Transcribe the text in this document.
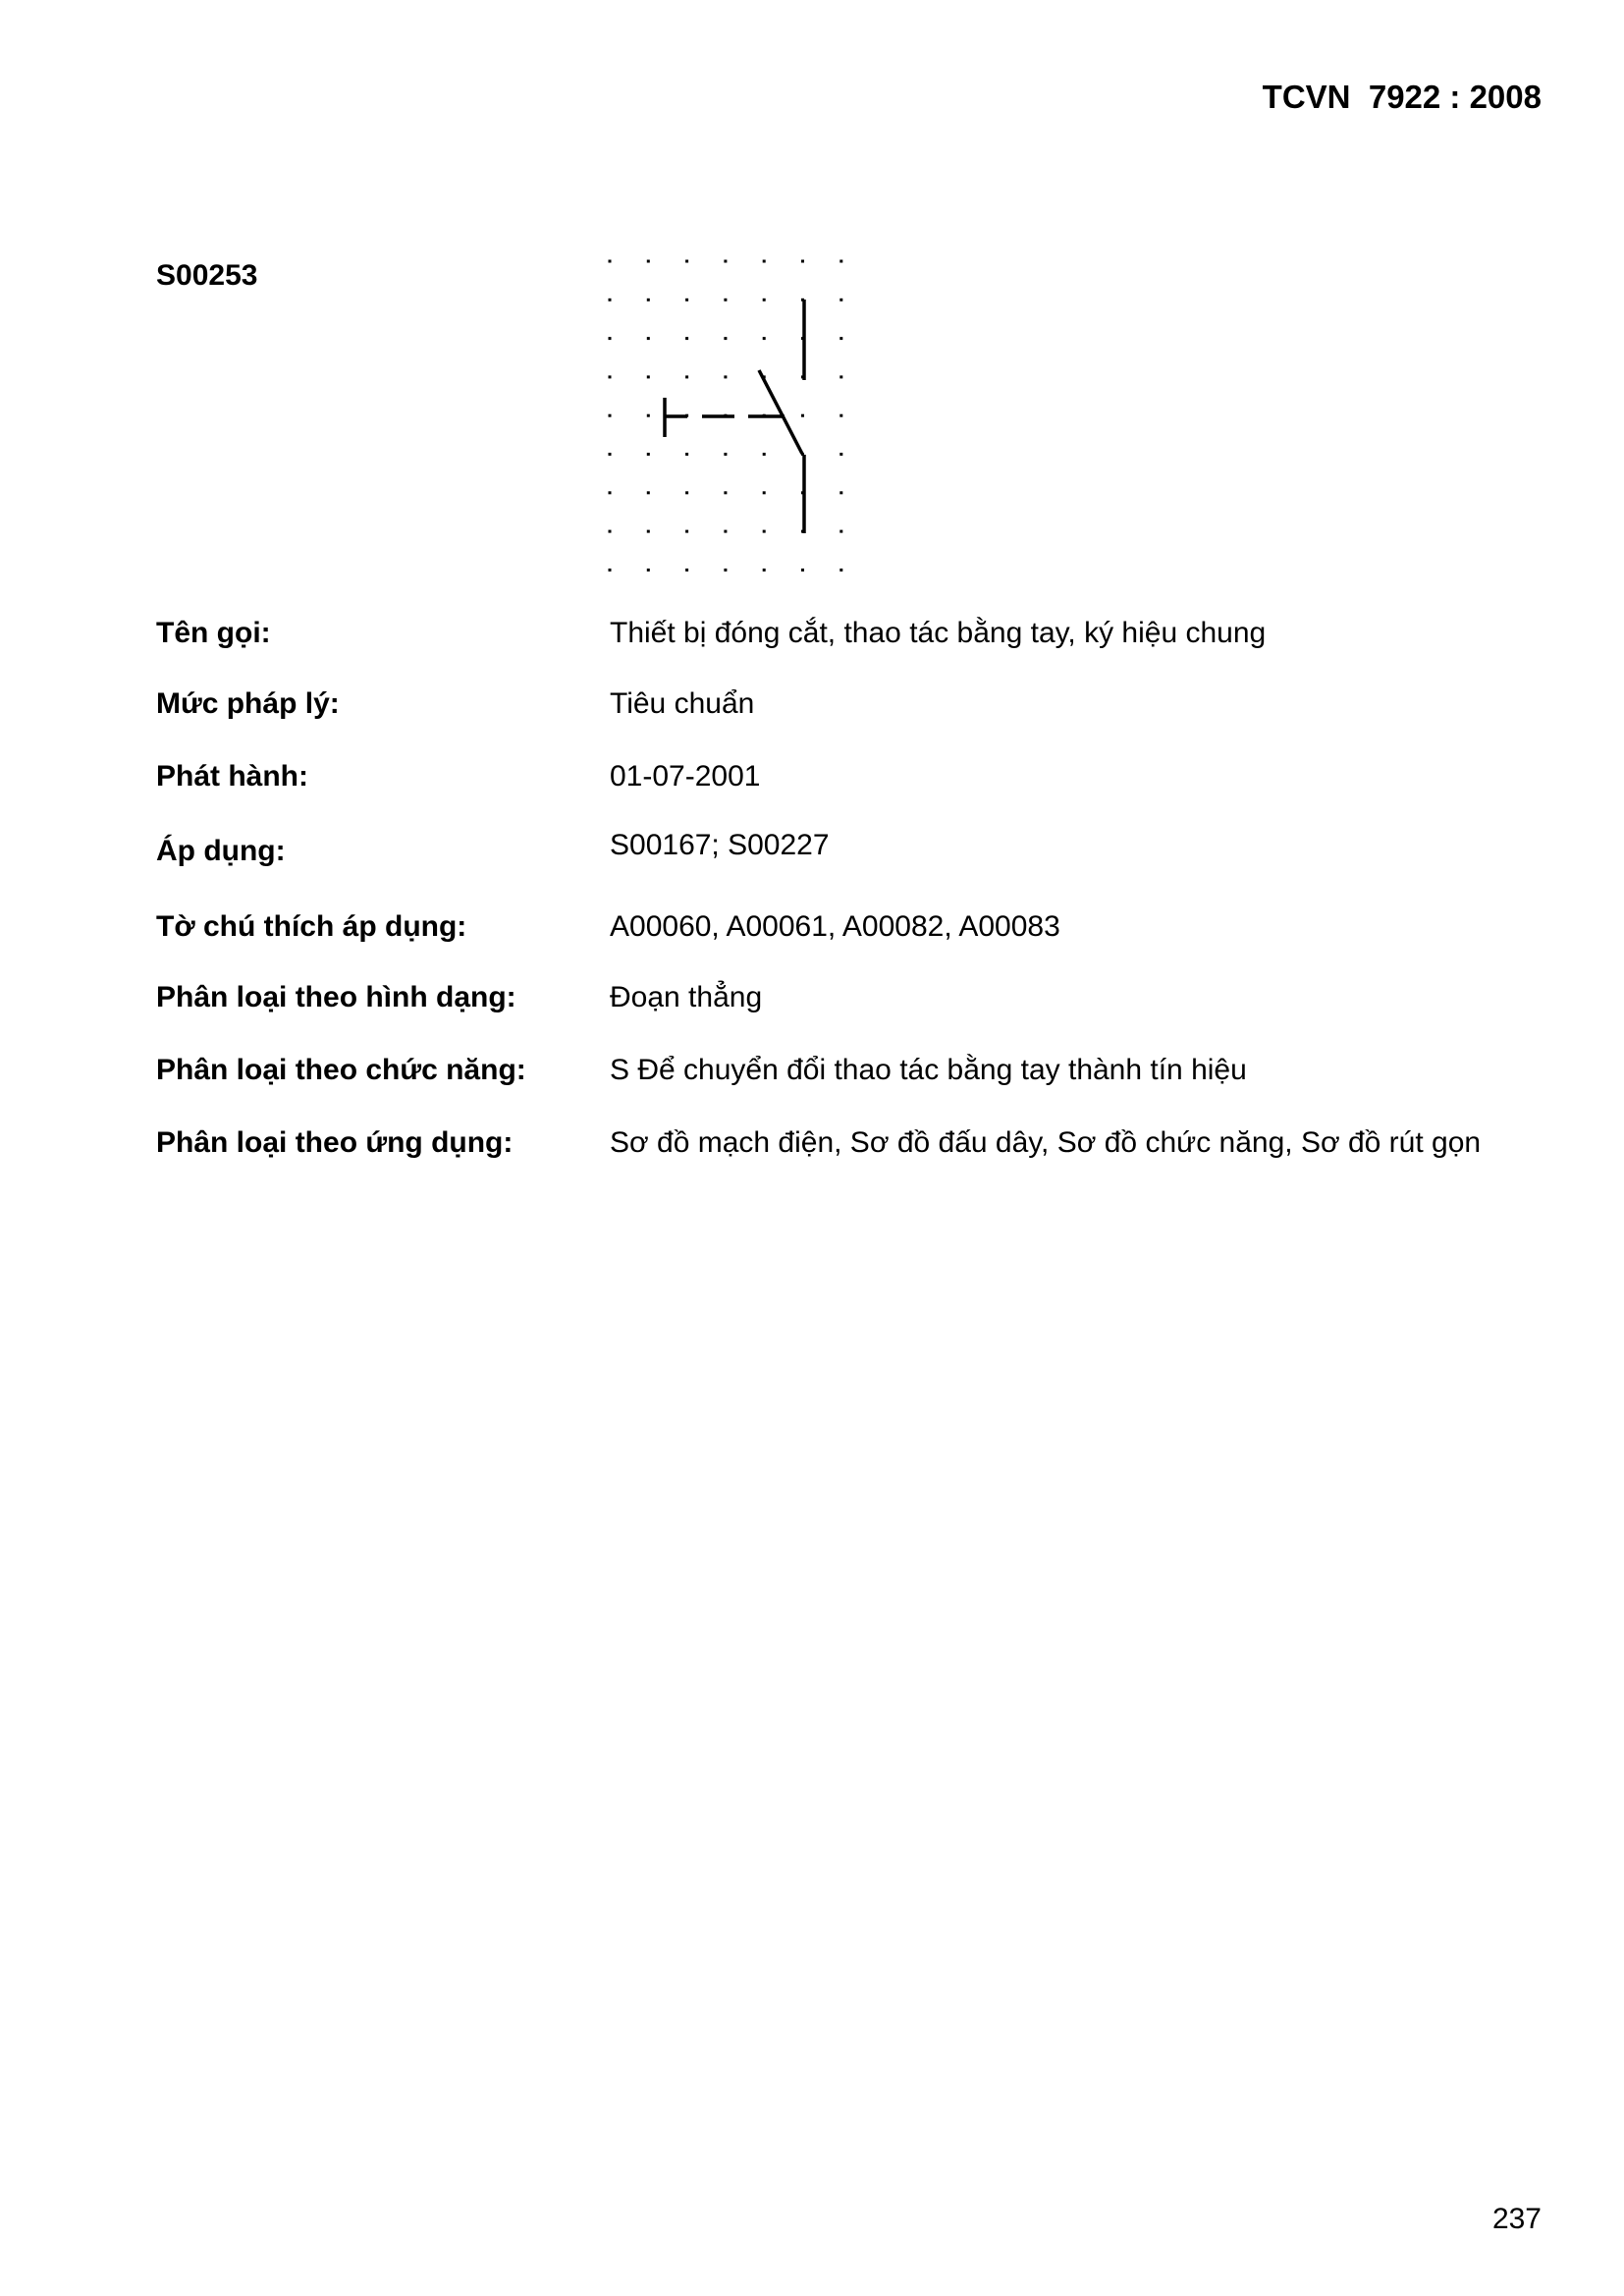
TCVN  7922 : 2008
S00253
Tên gọi:	Thiết bị đóng cắt, thao tác bằng tay, ký hiệu chung
Mức pháp lý:	Tiêu chuẩn
Phát hành:	01-07-2001
Áp dụng:	S00167; S00227
Tờ chú thích áp dụng:	A00060, A00061, A00082, A00083
Phân loại theo hình dạng:	Đoạn thẳng
Phân loại theo chức năng:	S Để chuyển đổi thao tác bằng tay thành tín hiệu
Phân loại theo ứng dụng:	Sơ đồ mạch điện, Sơ đồ đấu dây, Sơ đồ chức năng, Sơ đồ rút gọn
237
